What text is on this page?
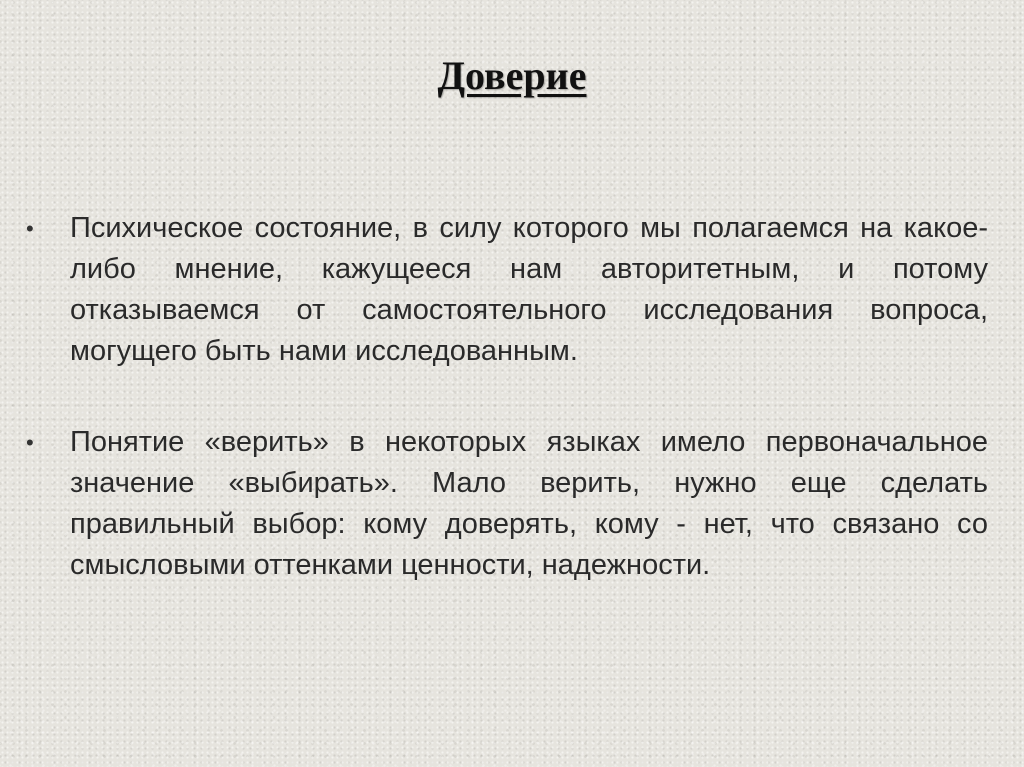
Доверие
•	Психическое состояние, в силу которого мы полагаемся на какое-либо мнение, кажущееся нам авторитетным, и потому отказываемся от самостоятельного исследования вопроса, могущего быть нами исследованным.
•	Понятие «верить» в некоторых языках имело первоначальное значение «выбирать». Мало верить, нужно еще сделать правильный выбор: кому доверять, кому - нет, что связано со смысловыми оттенками ценности, надежности.
